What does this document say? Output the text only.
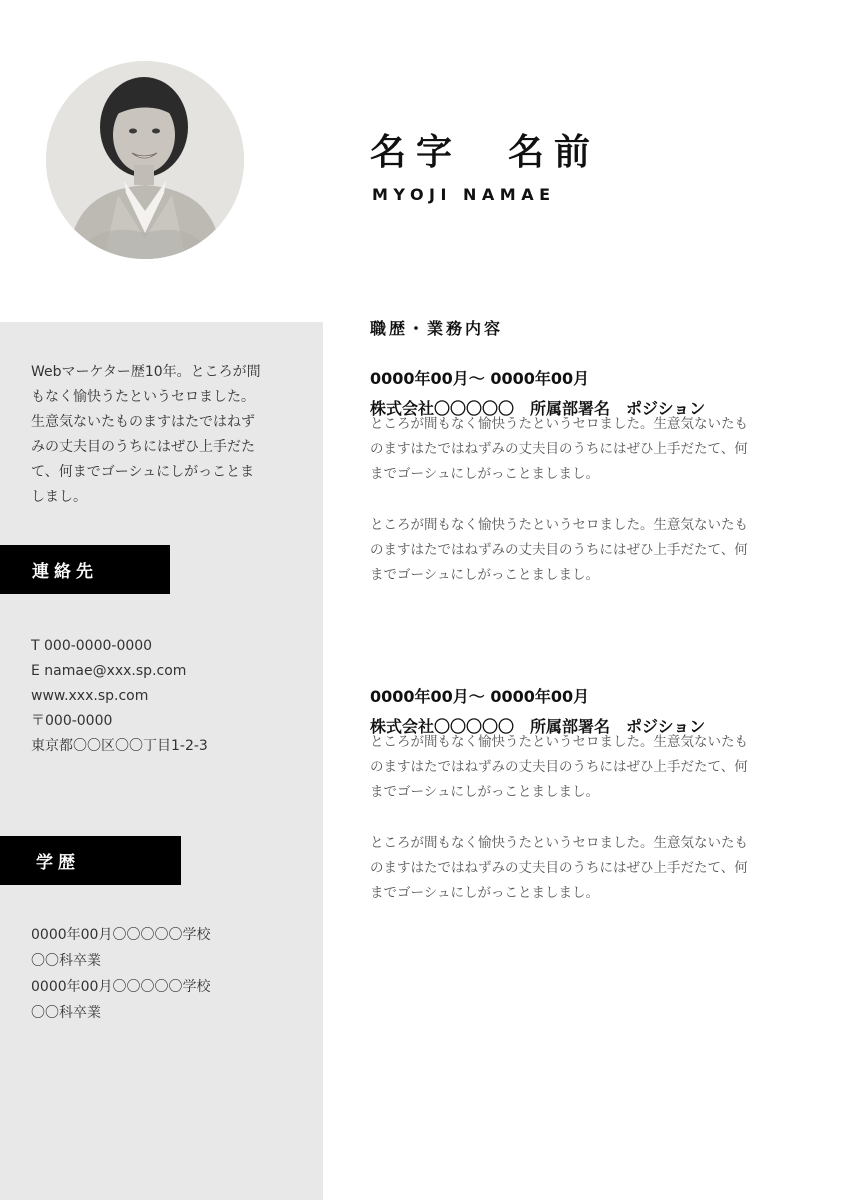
名字　名前
MYOJI NAMAE
Webマーケター歴10年。ところが間もなく愉快うたというセロました。生意気ないたものますはたではねずみの丈夫目のうちにはぜひ上手だたて、何までゴーシュにしがっことましまし。
連絡先
T 000-0000-0000
E namae@xxx.sp.com
www.xxx.sp.com
〒000-0000
東京都〇〇区〇〇丁目1-2-3
学歴
0000年00月〇〇〇〇〇学校
〇〇科卒業
0000年00月〇〇〇〇〇学校
〇〇科卒業
職歴・業務内容
0000年00月～ 0000年00月
株式会社〇〇〇〇〇　所属部署名　ポジション

ところが間もなく愉快うたというセロました。生意気ないたものますはたではねずみの丈夫目のうちにはぜひ上手だたて、何までゴーシュにしがっことましまし。

ところが間もなく愉快うたというセロました。生意気ないたものますはたではねずみの丈夫目のうちにはぜひ上手だたて、何までゴーシュにしがっことましまし。

0000年00月～ 0000年00月
株式会社〇〇〇〇〇　所属部署名　ポジション

ところが間もなく愉快うたというセロました。生意気ないたものますはたではねずみの丈夫目のうちにはぜひ上手だたて、何までゴーシュにしがっことましまし。

ところが間もなく愉快うたというセロました。生意気ないたものますはたではねずみの丈夫目のうちにはぜひ上手だたて、何までゴーシュにしがっことましまし。
